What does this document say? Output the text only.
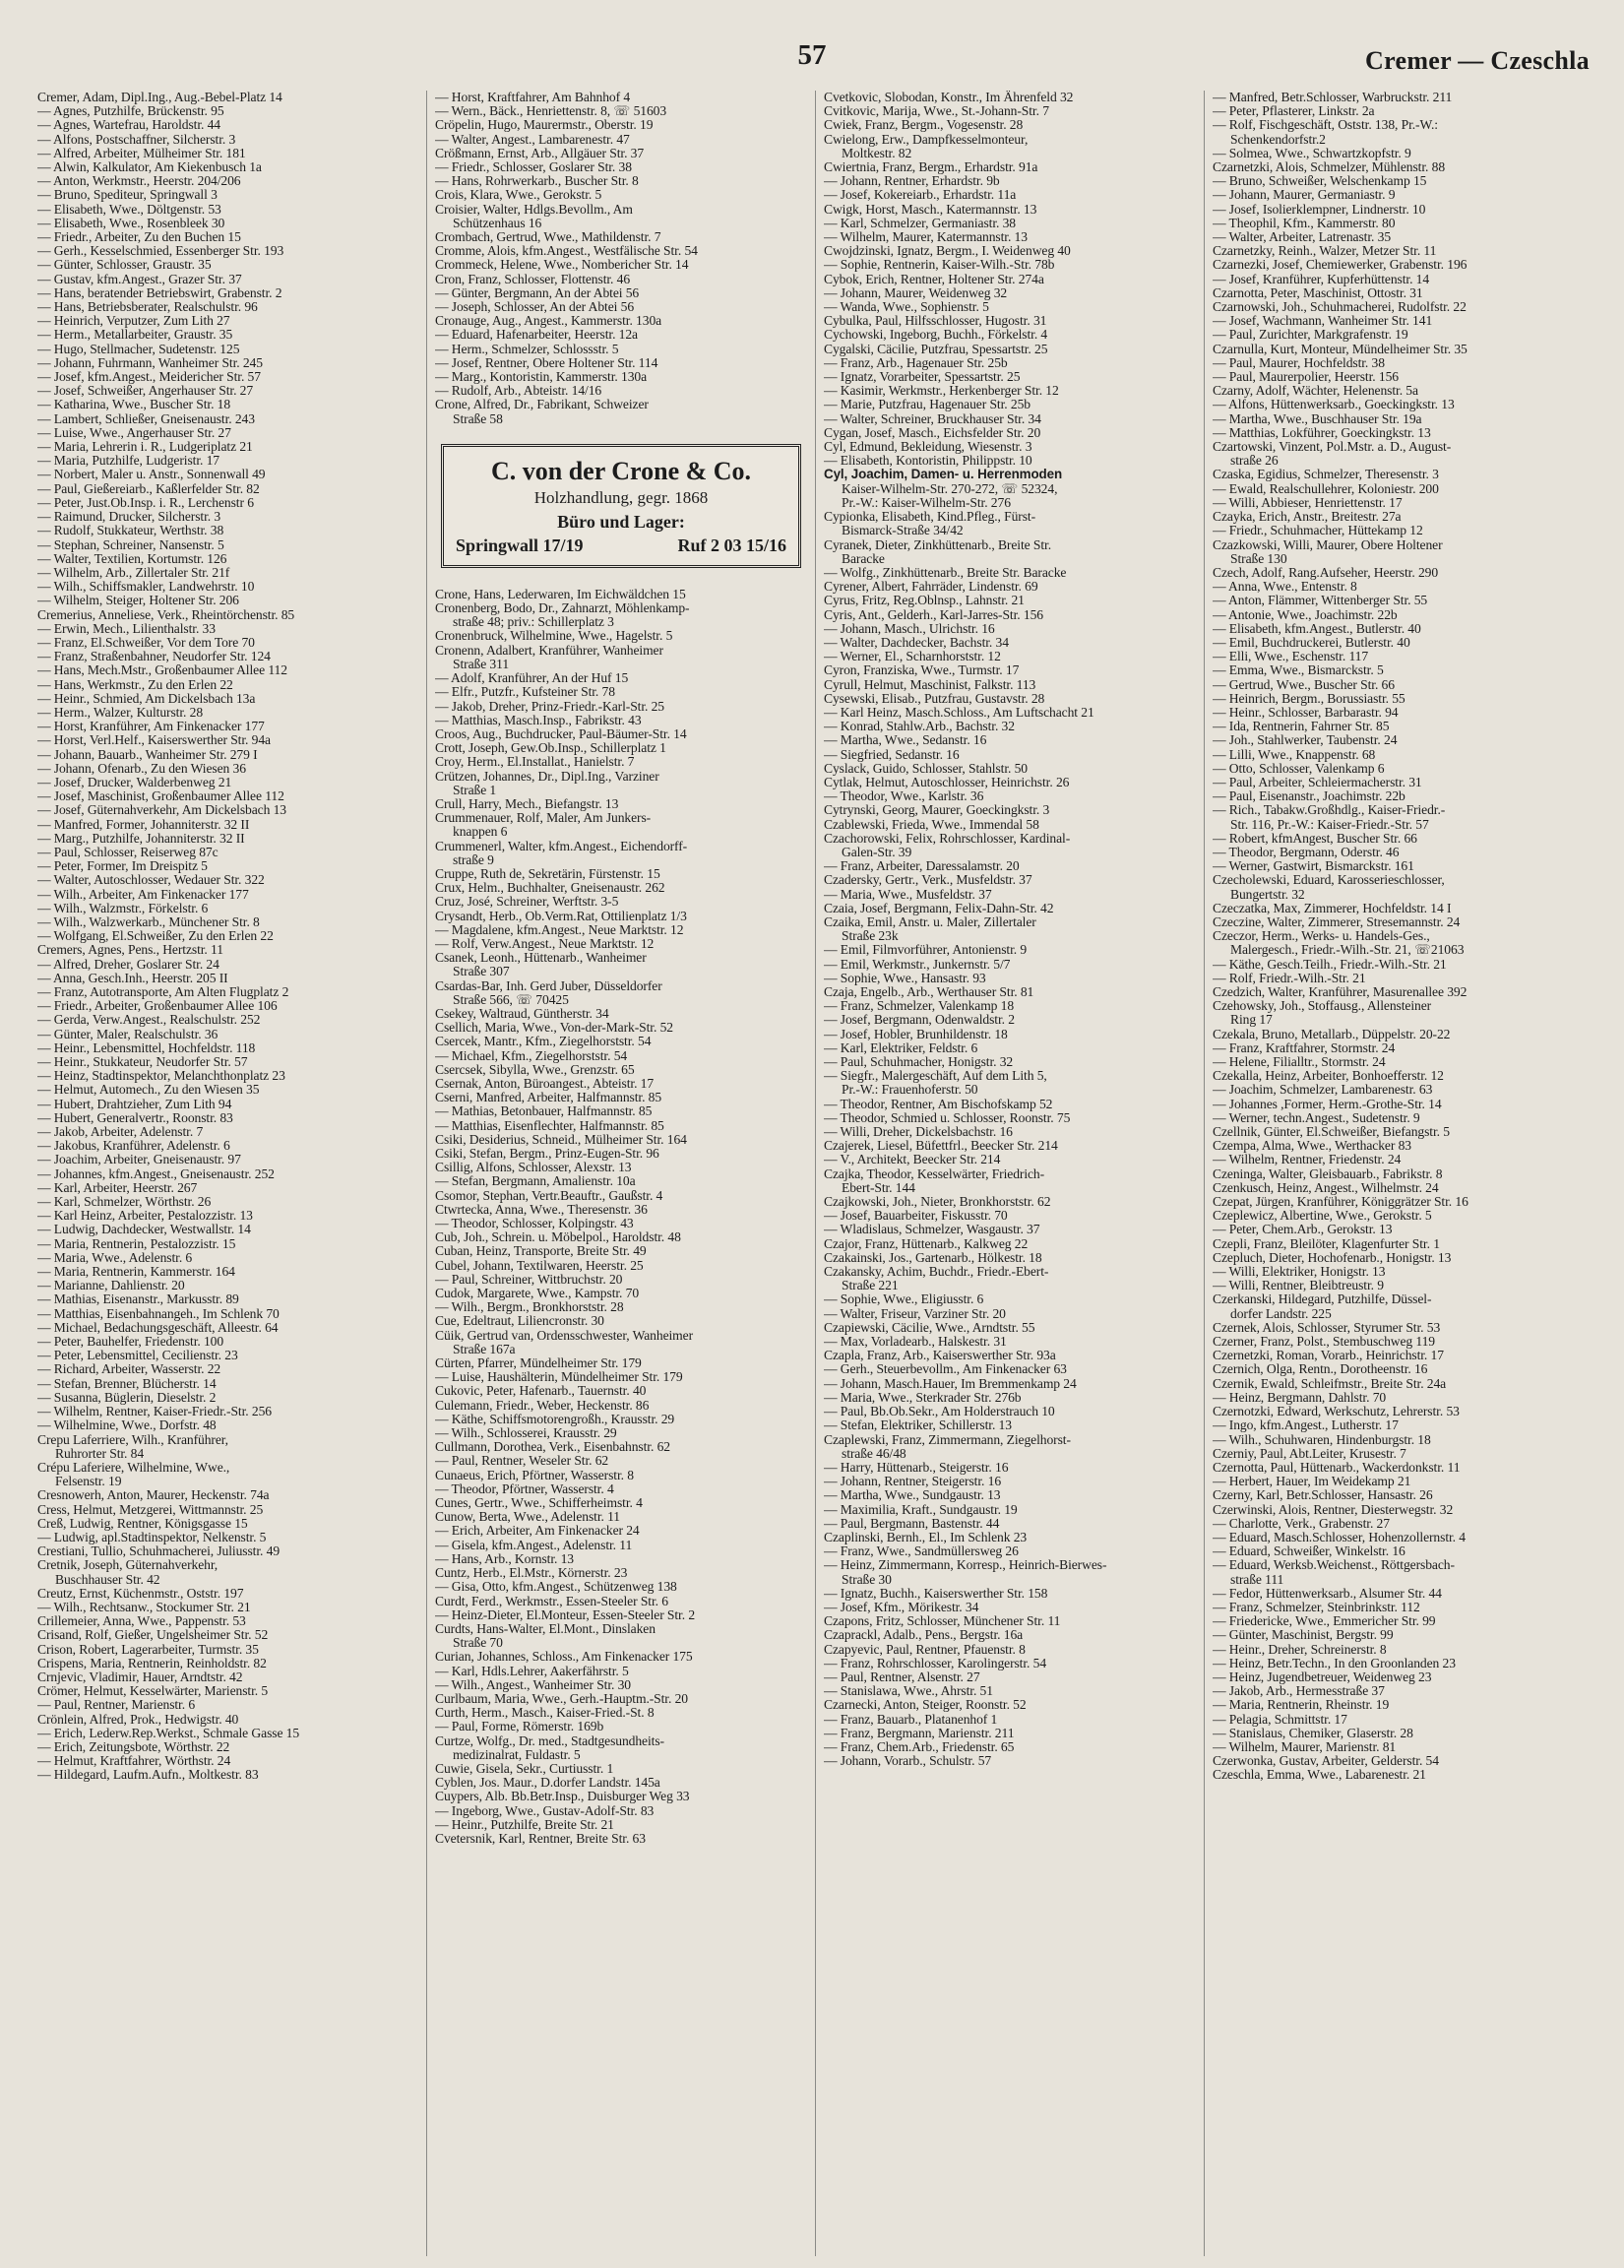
57	Cremer — Czeschla
Cremer, Adam, Dipl.Ing., Aug.-Bebel-Platz 14
— Agnes, Putzhilfe, Brückenstr. 95
— Agnes, Wartefrau, Haroldstr. 44
— Alfons, Postschaffner, Silcherstr. 3
— Alfred, Arbeiter, Mülheimer Str. 181
— Alwin, Kalkulator, Am Kiekenbusch 1a
— Anton, Werkmstr., Heerstr. 204/206
— Bruno, Spediteur, Springwall 3
— Elisabeth, Wwe., Döltgenstr. 53
— Elisabeth, Wwe., Rosenbleek 30
— Friedr., Arbeiter, Zu den Buchen 15
— Gerh., Kesselschmied, Essenberger Str. 193
— Günter, Schlosser, Graustr. 35
— Gustav, kfm.Angest., Grazer Str. 37
— Hans, beratender Betriebswirt, Grabenstr. 2
— Hans, Betriebsberater, Realschulstr. 96
— Heinrich, Verputzer, Zum Lith 27
— Herm., Metallarbeiter, Graustr. 35
— Hugo, Stellmacher, Sudetenstr. 125
— Johann, Fuhrmann, Wanheimer Str. 245
— Josef, kfm.Angest., Meidericher Str. 57
— Josef, Schweißer, Angerhauser Str. 27
— Katharina, Wwe., Buscher Str. 18
— Lambert, Schließer, Gneisenaustr. 243
— Luise, Wwe., Angerhauser Str. 27
— Maria, Lehrerin i. R., Ludgeriplatz 21
— Maria, Putzhilfe, Ludgeristr. 17
— Norbert, Maler u. Anstr., Sonnenwall 49
— Paul, Gießereiarb., Kaßlerfelder Str. 82
— Peter, Just.Ob.Insp. i. R., Lerchenstr 6
— Raimund, Drucker, Silcherstr. 3
— Rudolf, Stukkateur, Werthstr. 38
— Stephan, Schreiner, Nansenstr. 5
— Walter, Textilien, Kortumstr. 126
— Wilhelm, Arb., Zillertaler Str. 21f
— Wilh., Schiffsmakler, Landwehrstr. 10
— Wilhelm, Steiger, Holtener Str. 206
Cremerius, Anneliese, Verk., Rheintörchenstr. 85
— Erwin, Mech., Lilienthalstr. 33
— Franz, El.Schweißer, Vor dem Tore 70
— Franz, Straßenbahner, Neudorfer Str. 124
— Hans, Mech.Mstr., Großenbaumer Allee 112
— Hans, Werkmstr., Zu den Erlen 22
— Heinr., Schmied, Am Dickelsbach 13a
— Herm., Walzer, Kulturstr. 28
— Horst, Kranführer, Am Finkenacker 177
— Horst, Verl.Helf., Kaiserswerther Str. 94a
— Johann, Bauarb., Wanheimer Str. 279 I
— Johann, Ofenarb., Zu den Wiesen 36
— Josef, Drucker, Walderbenweg 21
— Josef, Maschinist, Großenbaumer Allee 112
— Josef, Güternahverkehr, Am Dickelsbach 13
— Manfred, Former, Johanniterstr. 32 II
— Marg., Putzhilfe, Johanniterstr. 32 II
— Paul, Schlosser, Reiserweg 87c
— Peter, Former, Im Dreispitz 5
— Walter, Autoschlosser, Wedauer Str. 322
— Wilh., Arbeiter, Am Finkenacker 177
— Wilh., Walzmstr., Förkelstr. 6
— Wilh., Walzwerkarb., Münchener Str. 8
— Wolfgang, El.Schweißer, Zu den Erlen 22
Cremers, Agnes, Pens., Hertzstr. 11
— Alfred, Dreher, Goslarer Str. 24
— Anna, Gesch.Inh., Heerstr. 205 II
— Franz, Autotransporte, Am Alten Flugplatz 2
— Friedr., Arbeiter, Großenbaumer Allee 106
— Gerda, Verw.Angest., Realschulstr. 252
— Günter, Maler, Realschulstr. 36
— Heinr., Lebensmittel, Hochfeldstr. 118
— Heinr., Stukkateur, Neudorfer Str. 57
— Heinz, Stadtinspektor, Melanchthonplatz 23
— Helmut, Automech., Zu den Wiesen 35
— Hubert, Drahtzieher, Zum Lith 94
— Hubert, Generalvertr., Roonstr. 83
— Jakob, Arbeiter, Adelenstr. 7
— Jakobus, Kranführer, Adelenstr. 6
— Joachim, Arbeiter, Gneisenaustr. 97
— Johannes, kfm.Angest., Gneisenaustr. 252
— Karl, Arbeiter, Heerstr. 267
— Karl, Schmelzer, Wörthstr. 26
— Karl Heinz, Arbeiter, Pestalozzistr. 13
— Ludwig, Dachdecker, Westwallstr. 14
— Maria, Rentnerin, Pestalozzistr. 15
— Maria, Wwe., Adelenstr. 6
— Maria, Rentnerin, Kammerstr. 164
— Marianne, Dahlienstr. 20
— Mathias, Eisenanstr., Markusstr. 89
— Matthias, Eisenbahnangeh., Im Schlenk 70
— Michael, Bedachungsgeschäft, Alleestr. 64
— Peter, Bauhelfer, Friedenstr. 100
— Peter, Lebensmittel, Cecilienstr. 23
— Richard, Arbeiter, Wasserstr. 22
— Stefan, Brenner, Blücherstr. 14
— Susanna, Büglerin, Dieselstr. 2
— Wilhelm, Rentner, Kaiser-Friedr.-Str. 256
— Wilhelmine, Wwe., Dorfstr. 48
Crepu Laferriere, Wilh., Kranführer,
Ruhrorter Str. 84
Crépu Laferiere, Wilhelmine, Wwe.,
Felsenstr. 19
Cresnowerh, Anton, Maurer, Heckenstr. 74a
Cress, Helmut, Metzgerei, Wittmannstr. 25
Creß, Ludwig, Rentner, Königsgasse 15
— Ludwig, apl.Stadtinspektor, Nelkenstr. 5
Crestiani, Tullio, Schuhmacherei, Juliusstr. 49
Cretnik, Joseph, Güternahverkehr,
Buschhauser Str. 42
Creutz, Ernst, Küchenmstr., Oststr. 197
— Wilh., Rechtsanw., Stockumer Str. 21
Crillemeier, Anna, Wwe., Pappenstr. 53
Crisand, Rolf, Gießer, Ungelsheimer Str. 52
Crison, Robert, Lagerarbeiter, Turmstr. 35
Crispens, Maria, Rentnerin, Reinholdstr. 82
Crnjevic, Vladimir, Hauer, Arndtstr. 42
Crömer, Helmut, Kesselwärter, Marienstr. 5
— Paul, Rentner, Marienstr. 6
Crönlein, Alfred, Prok., Hedwigstr. 40
— Erich, Lederw.Rep.Werkst., Schmale Gasse 15
— Erich, Zeitungsbote, Wörthstr. 22
— Helmut, Kraftfahrer, Wörthstr. 24
— Hildegard, Laufm.Aufn., Moltkestr. 83
— Horst, Kraftfahrer, Am Bahnhof 4
— Wern., Bäck., Henriettenstr. 8, ☏ 51603
Cröpelin, Hugo, Maurermstr., Oberstr. 19
— Walter, Angest., Lambarenestr. 47
Crößmann, Ernst, Arb., Allgäuer Str. 37
— Friedr., Schlosser, Goslarer Str. 38
— Hans, Rohrwerkarb., Buscher Str. 8
Crois, Klara, Wwe., Gerokstr. 5
Croisier, Walter, Hdlgs.Bevollm., Am
Schützenhaus 16
Crombach, Gertrud, Wwe., Mathildenstr. 7
Cromme, Alois, kfm.Angest., Westfälische Str. 54
Crommeck, Helene, Wwe., Nombericher Str. 14
Cron, Franz, Schlosser, Flottenstr. 46
— Günter, Bergmann, An der Abtei 56
— Joseph, Schlosser, An der Abtei 56
Cronauge, Aug., Angest., Kammerstr. 130a
— Eduard, Hafenarbeiter, Heerstr. 12a
— Herm., Schmelzer, Schlossstr. 5
— Josef, Rentner, Obere Holtener Str. 114
— Marg., Kontoristin, Kammerstr. 130a
— Rudolf, Arb., Abteistr. 14/16
Crone, Alfred, Dr., Fabrikant, Schweizer
Straße 58
C. von der Crone & Co.
Holzhandlung, gegr. 1868
Büro und Lager:
Springwall 17/19	Ruf 2 03 15/16
Crone, Hans, Lederwaren, Im Eichwäldchen 15
Cronenberg, Bodo, Dr., Zahnarzt, Möhlenkamp-
straße 48; priv.: Schillerplatz 3
Cronenbruck, Wilhelmine, Wwe., Hagelstr. 5
Cronenn, Adalbert, Kranführer, Wanheimer
Straße 311
— Adolf, Kranführer, An der Huf 15
— Elfr., Putzfr., Kufsteiner Str. 78
— Jakob, Dreher, Prinz-Friedr.-Karl-Str. 25
— Matthias, Masch.Insp., Fabrikstr. 43
Croos, Aug., Buchdrucker, Paul-Bäumer-Str. 14
Crott, Joseph, Gew.Ob.Insp., Schillerplatz 1
Croy, Herm., El.Installat., Hanielstr. 7
Crützen, Johannes, Dr., Dipl.Ing., Varziner
Straße 1
Crull, Harry, Mech., Biefangstr. 13
Crummenauer, Rolf, Maler, Am Junkers-
knappen 6
Crummenerl, Walter, kfm.Angest., Eichendorff-
straße 9
Cruppe, Ruth de, Sekretärin, Fürstenstr. 15
Crux, Helm., Buchhalter, Gneisenaustr. 262
Cruz, José, Schreiner, Werftstr. 3-5
Crysandt, Herb., Ob.Verm.Rat, Ottilienplatz 1/3
— Magdalene, kfm.Angest., Neue Marktstr. 12
— Rolf, Verw.Angest., Neue Marktstr. 12
Csanek, Leonh., Hüttenarb., Wanheimer
Straße 307
Csardas-Bar, Inh. Gerd Juber, Düsseldorfer
Straße 566, ☏ 70425
Csekey, Waltraud, Güntherstr. 34
Csellich, Maria, Wwe., Von-der-Mark-Str. 52
Csercek, Mantr., Kfm., Ziegelhorststr. 54
— Michael, Kfm., Ziegelhorststr. 54
Csercsek, Sibylla, Wwe., Grenzstr. 65
Csernak, Anton, Büroangest., Abteistr. 17
Cserni, Manfred, Arbeiter, Halfmannstr. 85
— Mathias, Betonbauer, Halfmannstr. 85
— Matthias, Eisenflechter, Halfmannstr. 85
Csiki, Desiderius, Schneid., Mülheimer Str. 164
Csiki, Stefan, Bergm., Prinz-Eugen-Str. 96
Csillig, Alfons, Schlosser, Alexstr. 13
— Stefan, Bergmann, Amalienstr. 10a
Csomor, Stephan, Vertr.Beauftr., Gaußstr. 4
Ctwrtecka, Anna, Wwe., Theresenstr. 36
— Theodor, Schlosser, Kolpingstr. 43
Cub, Joh., Schrein. u. Möbelpol., Haroldstr. 48
Cuban, Heinz, Transporte, Breite Str. 49
Cubel, Johann, Textilwaren, Heerstr. 25
— Paul, Schreiner, Wittbruchstr. 20
Cudok, Margarete, Wwe., Kampstr. 70
— Wilh., Bergm., Bronkhorststr. 28
Cue, Edeltraut, Liliencronstr. 30
Cüik, Gertrud van, Ordensschwester, Wanheimer
Straße 167a
Cürten, Pfarrer, Mündelheimer Str. 179
— Luise, Haushälterin, Mündelheimer Str. 179
Cukovic, Peter, Hafenarb., Tauernstr. 40
Culemann, Friedr., Weber, Heckenstr. 86
— Käthe, Schiffsmotorengroßh., Krausstr. 29
— Wilh., Schlosserei, Krausstr. 29
Cullmann, Dorothea, Verk., Eisenbahnstr. 62
— Paul, Rentner, Weseler Str. 62
Cunaeus, Erich, Pförtner, Wasserstr. 8
— Theodor, Pförtner, Wasserstr. 4
Cunes, Gertr., Wwe., Schifferheimstr. 4
Cunow, Berta, Wwe., Adelenstr. 11
— Erich, Arbeiter, Am Finkenacker 24
— Gisela, kfm.Angest., Adelenstr. 11
— Hans, Arb., Kornstr. 13
Cuntz, Herb., El.Mstr., Körnerstr. 23
— Gisa, Otto, kfm.Angest., Schützenweg 138
Curdt, Ferd., Werkmstr., Essen-Steeler Str. 6
— Heinz-Dieter, El.Monteur, Essen-Steeler Str. 2
Curdts, Hans-Walter, El.Mont., Dinslaken
Straße 70
Curian, Johannes, Schloss., Am Finkenacker 175
— Karl, Hdls.Lehrer, Aakerfährstr. 5
— Wilh., Angest., Wanheimer Str. 30
Curlbaum, Maria, Wwe., Gerh.-Hauptm.-Str. 20
Curth, Herm., Masch., Kaiser-Fried.-St. 8
— Paul, Forme, Römerstr. 169b
Curtze, Wolfg., Dr. med., Stadtgesundheits-
medizinalrat, Fuldastr. 5
Cuwie, Gisela, Sekr., Curtiusstr. 1
Cyblen, Jos. Maur., D.dorfer Landstr. 145a
Cuypers, Alb. Bb.Betr.Insp., Duisburger Weg 33
— Ingeborg, Wwe., Gustav-Adolf-Str. 83
— Heinr., Putzhilfe, Breite Str. 21
Cvetersnik, Karl, Rentner, Breite Str. 63
Cvetkovic, Slobodan, Konstr., Im Ährenfeld 32
Cvitkovic, Marija, Wwe., St.-Johann-Str. 7
Cwiek, Franz, Bergm., Vogesenstr. 28
Cwielong, Erw., Dampfkesselmonteur,
Moltkestr. 82
Cwiertnia, Franz, Bergm., Erhardstr. 91a
— Johann, Rentner, Erhardstr. 9b
— Josef, Kokereiarb., Erhardstr. 11a
Cwigk, Horst, Masch., Katermannstr. 13
— Karl, Schmelzer, Germaniastr. 38
— Wilhelm, Maurer, Katermannstr. 13
Cwojdzinski, Ignatz, Bergm., I. Weidenweg 40
— Sophie, Rentnerin, Kaiser-Wilh.-Str. 78b
Cybok, Erich, Rentner, Holtener Str. 274a
— Johann, Maurer, Weidenweg 32
— Wanda, Wwe., Sophienstr. 5
Cybulka, Paul, Hilfsschlosser, Hugostr. 31
Cychowski, Ingeborg, Buchh., Förkelstr. 4
Cygalski, Cäcilie, Putzfrau, Spessartstr. 25
— Franz, Arb., Hagenauer Str. 25b
— Ignatz, Vorarbeiter, Spessartstr. 25
— Kasimir, Werkmstr., Herkenberger Str. 12
— Marie, Putzfrau, Hagenauer Str. 25b
— Walter, Schreiner, Bruckhauser Str. 34
Cygan, Josef, Masch., Eichsfelder Str. 20
Cyl, Edmund, Bekleidung, Wiesenstr. 3
— Elisabeth, Kontoristin, Philippstr. 10
Cyl, Joachim, Damen- u. Herrenmoden
Kaiser-Wilhelm-Str. 270-272, ☏ 52324,
Pr.-W.: Kaiser-Wilhelm-Str. 276
Cypionka, Elisabeth, Kind.Pfleg., Fürst-
Bismarck-Straße 34/42
Cyranek, Dieter, Zinkhüttenarb., Breite Str.
Baracke
— Wolfg., Zinkhüttenarb., Breite Str. Baracke
Cyrener, Albert, Fahrräder, Lindenstr. 69
Cyrus, Fritz, Reg.Oblnsp., Lahnstr. 21
Cyris, Ant., Gelderh., Karl-Jarres-Str. 156
— Johann, Masch., Ulrichstr. 16
— Walter, Dachdecker, Bachstr. 34
— Werner, El., Scharnhorststr. 12
Cyron, Franziska, Wwe., Turmstr. 17
Cyrull, Helmut, Maschinist, Falkstr. 113
Cysewski, Elisab., Putzfrau, Gustavstr. 28
— Karl Heinz, Masch.Schloss., Am Luftschacht 21
— Konrad, Stahlw.Arb., Bachstr. 32
— Martha, Wwe., Sedanstr. 16
— Siegfried, Sedanstr. 16
Cyslack, Guido, Schlosser, Stahlstr. 50
Cytlak, Helmut, Autoschlosser, Heinrichstr. 26
— Theodor, Wwe., Karlstr. 36
Cytrynski, Georg, Maurer, Goeckingkstr. 3
Czablewski, Frieda, Wwe., Immendal 58
Czachorowski, Felix, Rohrschlosser, Kardinal-
Galen-Str. 39
— Franz, Arbeiter, Daressalamstr. 20
Czadersky, Gertr., Verk., Musfeldstr. 37
— Maria, Wwe., Musfeldstr. 37
Czaia, Josef, Bergmann, Felix-Dahn-Str. 42
Czaika, Emil, Anstr. u. Maler, Zillertaler
Straße 23k
— Emil, Filmvorführer, Antonienstr. 9
— Emil, Werkmstr., Junkernstr. 5/7
— Sophie, Wwe., Hansastr. 93
Czaja, Engelb., Arb., Werthauser Str. 81
— Franz, Schmelzer, Valenkamp 18
— Josef, Bergmann, Odenwaldstr. 2
— Josef, Hobler, Brunhildenstr. 18
— Karl, Elektriker, Feldstr. 6
— Paul, Schuhmacher, Honigstr. 32
— Siegfr., Malergeschäft, Auf dem Lith 5,
Pr.-W.: Frauenhoferstr. 50
— Theodor, Rentner, Am Bischofskamp 52
— Theodor, Schmied u. Schlosser, Roonstr. 75
— Willi, Dreher, Dickelsbachstr. 16
Czajerek, Liesel, Büfettfrl., Beecker Str. 214
— V., Architekt, Beecker Str. 214
Czajka, Theodor, Kesselwärter, Friedrich-
Ebert-Str. 144
Czajkowski, Joh., Nieter, Bronkhorststr. 62
— Josef, Bauarbeiter, Fiskusstr. 70
— Wladislaus, Schmelzer, Wasgaustr. 37
Czajor, Franz, Hüttenarb., Kalkweg 22
Czakainski, Jos., Gartenarb., Hölkestr. 18
Czakansky, Achim, Buchdr., Friedr.-Ebert-
Straße 221
— Sophie, Wwe., Eligiusstr. 6
— Walter, Friseur, Varziner Str. 20
Czapiewski, Cäcilie, Wwe., Arndtstr. 55
— Max, Vorladearb., Halskestr. 31
Czapla, Franz, Arb., Kaiserswerther Str. 93a
— Gerh., Steuerbevollm., Am Finkenacker 63
— Johann, Masch.Hauer, Im Bremmenkamp 24
— Maria, Wwe., Sterkrader Str. 276b
— Paul, Bb.Ob.Sekr., Am Holderstrauch 10
— Stefan, Elektriker, Schillerstr. 13
Czaplewski, Franz, Zimmermann, Ziegelhorst-
straße 46/48
— Harry, Hüttenarb., Steigerstr. 16
— Johann, Rentner, Steigerstr. 16
— Martha, Wwe., Sundgaustr. 13
— Maximilia, Kraft., Sundgaustr. 19
— Paul, Bergmann, Bastenstr. 44
Czaplinski, Bernh., El., Im Schlenk 23
— Franz, Wwe., Sandmüllersweg 26
— Heinz, Zimmermann, Korresp., Heinrich-Bierwes-
Straße 30
— Ignatz, Buchh., Kaiserswerther Str. 158
— Josef, Kfm., Mörikestr. 34
Czapons, Fritz, Schlosser, Münchener Str. 11
Czaprackl, Adalb., Pens., Bergstr. 16a
Czapyevic, Paul, Rentner, Pfauenstr. 8
— Franz, Rohrschlosser, Karolingerstr. 54
— Paul, Rentner, Alsenstr. 27
— Stanislawa, Wwe., Ahrstr. 51
Czarnecki, Anton, Steiger, Roonstr. 52
— Franz, Bauarb., Platanenhof 1
— Franz, Bergmann, Marienstr. 211
— Franz, Chem.Arb., Friedenstr. 65
— Johann, Vorarb., Schulstr. 57
— Manfred, Betr.Schlosser, Warbruckstr. 211
— Peter, Pflasterer, Linkstr. 2a
— Rolf, Fischgeschäft, Oststr. 138, Pr.-W.:
Schenkendorfstr.2
— Solmea, Wwe., Schwartzkopfstr. 9
Czarnetzki, Alois, Schmelzer, Mühlenstr. 88
— Bruno, Schweißer, Welschenkamp 15
— Johann, Maurer, Germaniastr. 9
— Josef, Isolierklempner, Lindnerstr. 10
— Theophil, Kfm., Kammerstr. 80
— Walter, Arbeiter, Latrenastr. 35
Czarnetzky, Reinh., Walzer, Metzer Str. 11
Czarnezki, Josef, Chemiewerker, Grabenstr. 196
— Josef, Kranführer, Kupferhüttenstr. 14
Czarnotta, Peter, Maschinist, Ottostr. 31
Czarnowski, Joh., Schuhmacherei, Rudolfstr. 22
— Josef, Wachmann, Wanheimer Str. 141
— Paul, Zurichter, Markgrafenstr. 19
Czarnulla, Kurt, Monteur, Mündelheimer Str. 35
— Paul, Maurer, Hochfeldstr. 38
— Paul, Maurerpolier, Heerstr. 156
Czarny, Adolf, Wächter, Helenenstr. 5a
— Alfons, Hüttenwerksarb., Goeckingkstr. 13
— Martha, Wwe., Buschhauser Str. 19a
— Matthias, Lokführer, Goeckingkstr. 13
Czartowski, Vinzent, Pol.Mstr. a. D., August-
straße 26
Czaska, Egidius, Schmelzer, Theresenstr. 3
— Ewald, Realschullehrer, Koloniestr. 200
— Willi, Abbieser, Henriettenstr. 17
Czayka, Erich, Anstr., Breitestr. 27a
— Friedr., Schuhmacher, Hüttekamp 12
Czazkowski, Willi, Maurer, Obere Holtener
Straße 130
Czech, Adolf, Rang.Aufseher, Heerstr. 290
— Anna, Wwe., Entenstr. 8
— Anton, Flämmer, Wittenberger Str. 55
— Antonie, Wwe., Joachimstr. 22b
— Elisabeth, kfm.Angest., Butlerstr. 40
— Emil, Buchdruckerei, Butlerstr. 40
— Elli, Wwe., Eschenstr. 117
— Emma, Wwe., Bismarckstr. 5
— Gertrud, Wwe., Buscher Str. 66
— Heinrich, Bergm., Borussiastr. 55
— Heinr., Schlosser, Barbarastr. 94
— Ida, Rentnerin, Fahrner Str. 85
— Joh., Stahlwerker, Taubenstr. 24
— Lilli, Wwe., Knappenstr. 68
— Otto, Schlosser, Valenkamp 6
— Paul, Arbeiter, Schleiermacherstr. 31
— Paul, Eisenanstr., Joachimstr. 22b
— Rich., Tabakw.Großhdlg., Kaiser-Friedr.-
Str. 116, Pr.-W.: Kaiser-Friedr.-Str. 57
— Robert, kfmAngest, Buscher Str. 66
— Theodor, Bergmann, Oderstr. 46
— Werner, Gastwirt, Bismarckstr. 161
Czecholewski, Eduard, Karosserieschlosser,
Bungertstr. 32
Czeczatka, Max, Zimmerer, Hochfeldstr. 14 I
Czeczine, Walter, Zimmerer, Stresemannstr. 24
Czeczor, Herm., Werks- u. Handels-Ges.,
Malergesch., Friedr.-Wilh.-Str. 21, ☏21063
— Käthe, Gesch.Teilh., Friedr.-Wilh.-Str. 21
— Rolf, Friedr.-Wilh.-Str. 21
Czedzich, Walter, Kranführer, Masurenallee 392
Czehowsky, Joh., Stoffausg., Allensteiner
Ring 17
Czekala, Bruno, Metallarb., Düppelstr. 20-22
— Franz, Kraftfahrer, Stormstr. 24
— Helene, Filialltr., Stormstr. 24
Czekalla, Heinz, Arbeiter, Bonhoefferstr. 12
— Joachim, Schmelzer, Lambarenestr. 63
— Johannes ,Former, Herm.-Grothe-Str. 14
— Werner, techn.Angest., Sudetenstr. 9
Czellnik, Günter, El.Schweißer, Biefangstr. 5
Czempa, Alma, Wwe., Werthacker 83
— Wilhelm, Rentner, Friedenstr. 24
Czeninga, Walter, Gleisbauarb., Fabrikstr. 8
Czenkusch, Heinz, Angest., Wilhelmstr. 24
Czepat, Jürgen, Kranführer, Königgrätzer Str. 16
Czeplewicz, Albertine, Wwe., Gerokstr. 5
— Peter, Chem.Arb., Gerokstr. 13
Czepli, Franz, Bleilöter, Klagenfurter Str. 1
Czepluch, Dieter, Hochofenarb., Honigstr. 13
— Willi, Elektriker, Honigstr. 13
— Willi, Rentner, Bleibtreustr. 9
Czerkanski, Hildegard, Putzhilfe, Düssel-
dorfer Landstr. 225
Czernek, Alois, Schlosser, Styrumer Str. 53
Czerner, Franz, Polst., Stembuschweg 119
Czernetzki, Roman, Vorarb., Heinrichstr. 17
Czernich, Olga, Rentn., Dorotheenstr. 16
Czernik, Ewald, Schleifmstr., Breite Str. 24a
— Heinz, Bergmann, Dahlstr. 70
Czernotzki, Edward, Werkschutz, Lehrerstr. 53
— Ingo, kfm.Angest., Lutherstr. 17
— Wilh., Schuhwaren, Hindenburgstr. 18
Czerniy, Paul, Abt.Leiter, Krusestr. 7
Czernotta, Paul, Hüttenarb., Wackerdonkstr. 11
— Herbert, Hauer, Im Weidekamp 21
Czerny, Karl, Betr.Schlosser, Hansastr. 26
Czerwinski, Alois, Rentner, Diesterwegstr. 32
— Charlotte, Verk., Grabenstr. 27
— Eduard, Masch.Schlosser, Hohenzollernstr. 4
— Eduard, Schweißer, Winkelstr. 16
— Eduard, Werksb.Weichenst., Röttgersbach-
straße 111
— Fedor, Hüttenwerksarb., Alsumer Str. 44
— Franz, Schmelzer, Steinbrinkstr. 112
— Friedericke, Wwe., Emmericher Str. 99
— Günter, Maschinist, Bergstr. 99
— Heinr., Dreher, Schreinerstr. 8
— Heinz, Betr.Techn., In den Groonlanden 23
— Heinz, Jugendbetreuer, Weidenweg 23
— Jakob, Arb., Hermesstraße 37
— Maria, Rentnerin, Rheinstr. 19
— Pelagia, Schmittstr. 17
— Stanislaus, Chemiker, Glaserstr. 28
— Wilhelm, Maurer, Marienstr. 81
Czerwonka, Gustav, Arbeiter, Gelderstr. 54
Czeschla, Emma, Wwe., Labarenestr. 21
